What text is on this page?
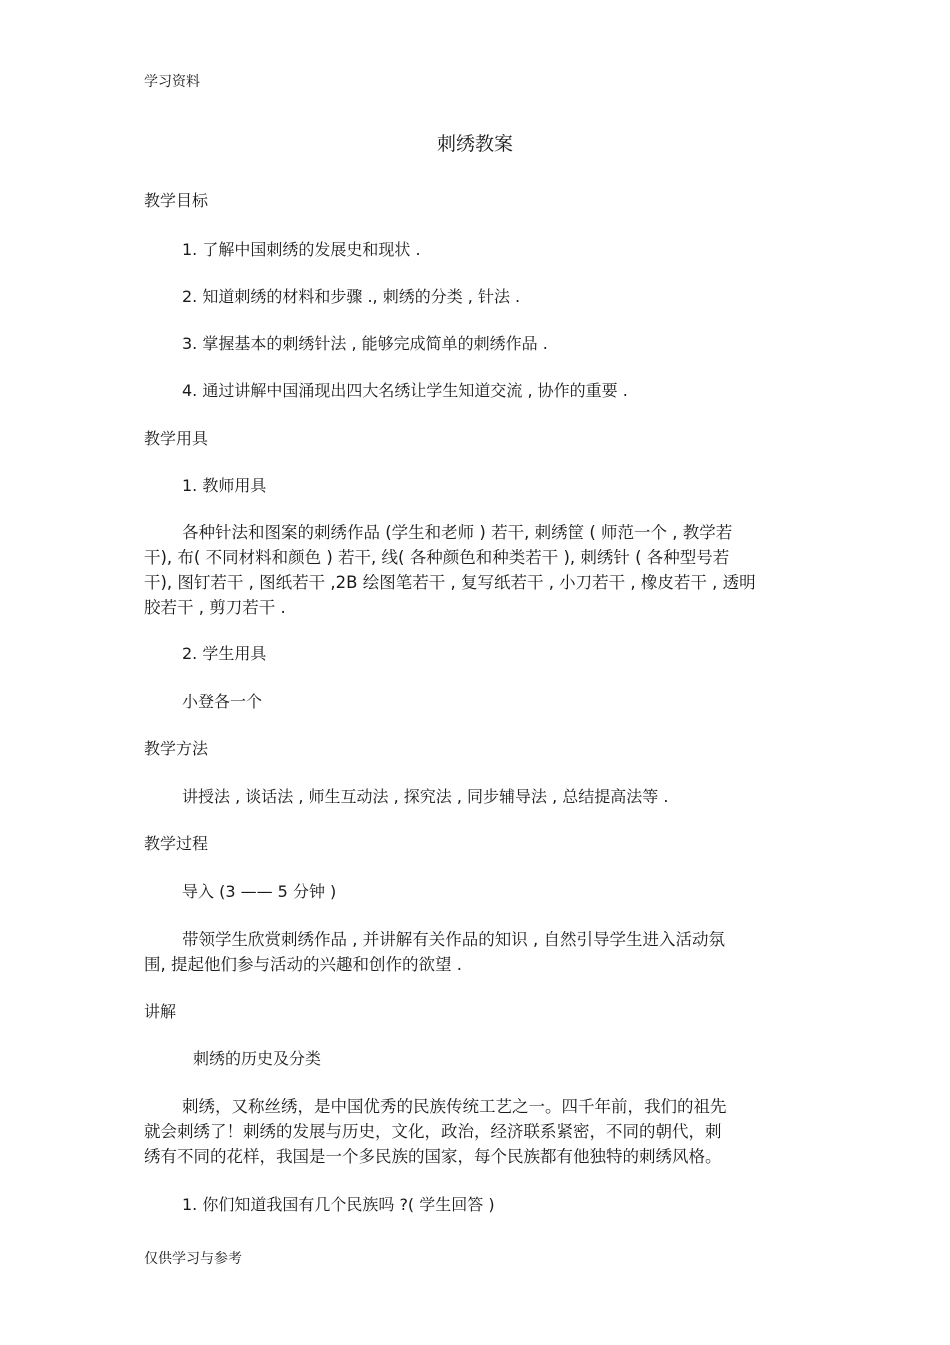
学习资料
刺绣教案
教学目标
1. 了解中国刺绣的发展史和现状 .
2. 知道刺绣的材料和步骤 ., 刺绣的分类 , 针法 .
3. 掌握基本的刺绣针法 , 能够完成简单的刺绣作品 .
4. 通过讲解中国涌现出四大名绣让学生知道交流 , 协作的重要 .
教学用具
1. 教师用具
各种针法和图案的刺绣作品 (学生和老师 ) 若干, 刺绣筐 ( 师范一个 , 教学若
干), 布( 不同材料和颜色 ) 若干, 线( 各种颜色和种类若干 ), 刺绣针 ( 各种型号若
干), 图钉若干 , 图纸若干 ,2B 绘图笔若干 , 复写纸若干 , 小刀若干 , 橡皮若干 , 透明
胶若干 , 剪刀若干 .
2. 学生用具
小登各一个
教学方法
讲授法 , 谈话法 , 师生互动法 , 探究法 , 同步辅导法 , 总结提高法等 .
教学过程
导入 (3 —— 5 分钟 )
带领学生欣赏刺绣作品 , 并讲解有关作品的知识 , 自然引导学生进入活动氛
围, 提起他们参与活动的兴趣和创作的欲望 .
讲解
刺绣的历史及分类
刺绣，又称丝绣，是中国优秀的民族传统工艺之一。四千年前，我们的祖先
就会刺绣了！刺绣的发展与历史，文化，政治，经济联系紧密，不同的朝代，刺
绣有不同的花样，我国是一个多民族的国家，每个民族都有他独特的刺绣风格。
1. 你们知道我国有几个民族吗 ?( 学生回答 )
仅供学习与参考
